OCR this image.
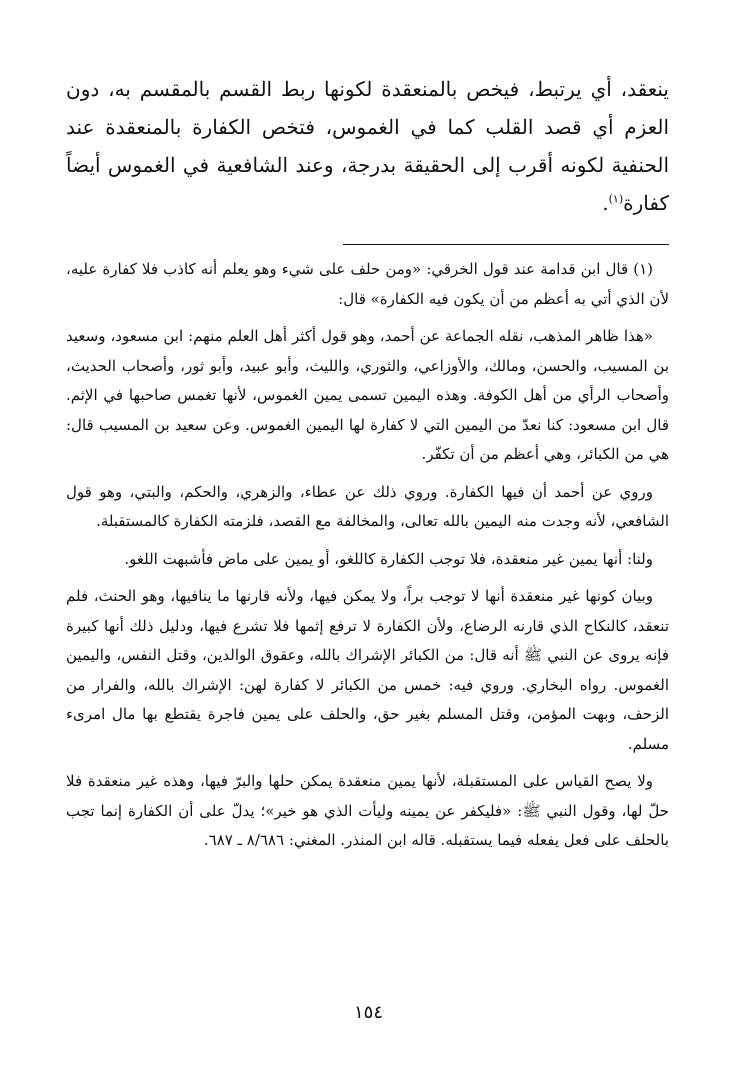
ينعقد، أي يرتبط، فيخص بالمنعقدة لكونها ربط القسم بالمقسم به، دون العزم أي قصد القلب كما في الغموس، فتخص الكفارة بالمنعقدة عند الحنفية لكونه أقرب إلى الحقيقة بدرجة، وعند الشافعية في الغموس أيضاً كفارة$^{(١)}$.

(١) قال ابن قدامة عند قول الخرقي: «ومن حلف على شيء وهو يعلم أنه كاذب فلا كفارة عليه، لأن الذي أتي به أعظم من أن يكون فيه الكفارة» قال:

«هذا ظاهر المذهب، نقله الجماعة عن أحمد، وهو قول أكثر أهل العلم منهم: ابن مسعود، وسعيد بن المسيب، والحسن، ومالك، والأوزاعي، والثوري، والليث، وأبو عبيد، وأبو ثور، وأصحاب الحديث، وأصحاب الرأي من أهل الكوفة. وهذه اليمين تسمى يمين الغموس، لأنها تغمس صاحبها في الإثم. قال ابن مسعود: كنا نعدّ من اليمين التي لا كفارة لها اليمين الغموس. وعن سعيد بن المسيب قال: هي من الكبائر، وهي أعظم من أن تكفّر.

وروي عن أحمد أن فيها الكفارة. وروي ذلك عن عطاء، والزهري، والحكم، والبتي، وهو قول الشافعي، لأنه وجدت منه اليمين بالله تعالى، والمخالفة مع القصد، فلزمته الكفارة كالمستقبلة.

ولنا: أنها يمين غير منعقدة، فلا توجب الكفارة كاللغو، أو يمين على ماض فأشبهت اللغو.

وبيان كونها غير منعقدة أنها لا توجب براً، ولا يمكن فيها، ولأنه قارنها ما ينافيها، وهو الحنث، فلم تنعقد، كالنكاح الذي قارنه الرضاع، ولأن الكفارة لا ترفع إثمها فلا تشرع فيها، ودليل ذلك أنها كبيرة فإنه يروى عن النبي ﷺ أنه قال: من الكبائر الإشراك بالله، وعقوق الوالدين، وقتل النفس، واليمين الغموس. رواه البخاري. وروي فيه: خمس من الكبائر لا كفارة لهن: الإشراك بالله، والفرار من الزحف، وبهت المؤمن، وقتل المسلم بغير حق، والحلف على يمين فاجرة يقتطع بها مال امرىء مسلم.

ولا يصح القياس على المستقبلة، لأنها يمين منعقدة يمكن حلها والبرّ فيها، وهذه غير منعقدة فلا حلّ لها، وقول النبي ﷺ: «فليكفر عن يمينه وليأت الذي هو خير»؛ يدلّ على أن الكفارة إنما تجب بالحلف على فعل يفعله فيما يستقبله. قاله ابن المنذر. المغني: ٨/٦٨٦ ـ ٦٨٧.

١٥٤
